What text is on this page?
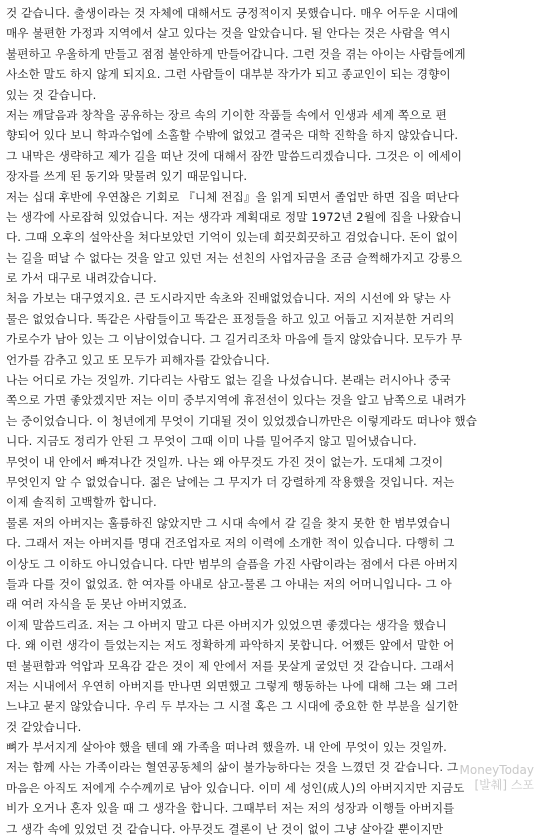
것 같습니다. 출생이라는 것 자체에 대해서도 긍정적이지 못했습니다. 매우 어두운 시대에
매우 불편한 가정과 지역에서 살고 있다는 것을 알았습니다. 될 안다는 것은 사람을 역시
불편하고 우울하게 만들고 점점 불안하게 만들어갑니다. 그런 것을 겪는 아이는 사람들에게
사소한 말도 하지 않게 되지요. 그런 사람들이 대부분 작가가 되고 종교인이 되는 경향이
있는 것 같습니다.
저는 깨달음과 창착을 공유하는 장르 속의 기이한 작품들 속에서 인생과 세계 쪽으로 편
향되어 있다 보니 학과수업에 소홀할 수밖에 없었고 결국은 대학 진학을 하지 않았습니다.
그 내막은 생략하고 제가 길을 떠난 것에 대해서 잠깐 말씀드리겠습니다. 그것은 이 에세이
장자를 쓰게 된 동기와 맞물려 있기 때문입니다.
저는 십대 후반에 우연찮은 기회로 『니체 전집』을 읽게 되면서 졸업만 하면 집을 떠난다
는 생각에 사로잡혀 있었습니다. 저는 생각과 계획대로 정말 1972년 2월에 집을 나왔습니
다. 그때 오후의 설악산을 쳐다보았던 기억이 있는데 희끗희끗하고 검었습니다. 돈이 없이
는 길을 떠날 수 없다는 것을 알고 있던 저는 선친의 사업자금을 조금 슬쩍해가지고 강릉으
로 가서 대구로 내려갔습니다.
처음 가보는 대구였지요. 큰 도시라지만 속초와 진배없었습니다. 저의 시선에 와 닿는 사
물은 없었습니다. 똑같은 사람들이고 똑같은 표정들을 하고 있고 어둡고 지저분한 거리의
가로수가 남아 있는 그 이남이었습니다. 그 길거리조차 마음에 들지 않았습니다. 모두가 무
언가를 감추고 있고 또 모두가 피해자를 같았습니다.
나는 어디로 가는 것일까. 기다리는 사람도 없는 길을 나섰습니다. 본래는 러시아나 중국
쪽으로 가면 좋았겠지만 저는 이미 중부지역에 휴전선이 있다는 것을 알고 남쪽으로 내려가
는 중이었습니다. 이 청년에게 무엇이 기대될 것이 있었겠습니까만은 이렇게라도 떠나야 했습
니다. 지금도 정리가 안된 그 무엇이 그때 이미 나를 밀어주지 않고 밀어냈습니다.
무엇이 내 안에서 빠져나간 것일까. 나는 왜 아무것도 가진 것이 없는가. 도대체 그것이
무엇인지 알 수 없었습니다. 젊은 날에는 그 무지가 더 강렬하게 작용했을 것입니다. 저는
이제 솔직히 고백할까 합니다.
물론 저의 아버지는 훌륭하진 않았지만 그 시대 속에서 갈 길을 찾지 못한 한 범부였습니
다. 그래서 저는 아버지를 명대 건조업자로 저의 이력에 소개한 적이 있습니다. 다행히 그
이상도 그 이하도 아니었습니다. 다만 범부의 슬픔을 가진 사람이라는 점에서 다른 아버지
들과 다를 것이 없었죠. 한 여자를 아내로 삼고-물론 그 아내는 저의 어머니입니다- 그 아
래 여러 자식을 둔 못난 아버지였죠.
이제 말씀드리죠. 저는 그 아버지 말고 다른 아버지가 있었으면 좋겠다는 생각을 했습니
다. 왜 이런 생각이 들었는지는 저도 정확하게 파악하지 못합니다. 어쨌든 앞에서 말한 어
떤 불편함과 억압과 모욕감 같은 것이 제 안에서 저를 못살게 굴었던 것 같습니다. 그래서
저는 시내에서 우연히 아버지를 만나면 외면했고 그렇게 행동하는 나에 대해 그는 왜 그러
느냐고 묻지 않았습니다. 우리 두 부자는 그 시절 혹은 그 시대에 중요한 한 부분을 실기한
것 같았습니다.
뼈가 부서지게 살아야 했을 텐데 왜 가족을 떠나려 했을까. 내 안에 무엇이 있는 것일까.
저는 함께 사는 가족이라는 혈연공동체의 삶이 불가능하다는 것을 느꼈던 것 같습니다. 그
마음은 아직도 저에게 수수께끼로 남아 있습니다. 이미 세 성인(成人)의 아버지지만 지금도
비가 오거나 혼자 있을 때 그 생각을 합니다. 그때부터 저는 저의 성장과 이행들 아버지를
그 생각 속에 있었던 것 같습니다. 아무것도 결론이 난 것이 없이 그냥 살아갈 뿐이지만
MoneyToday
[발췌] 스포
